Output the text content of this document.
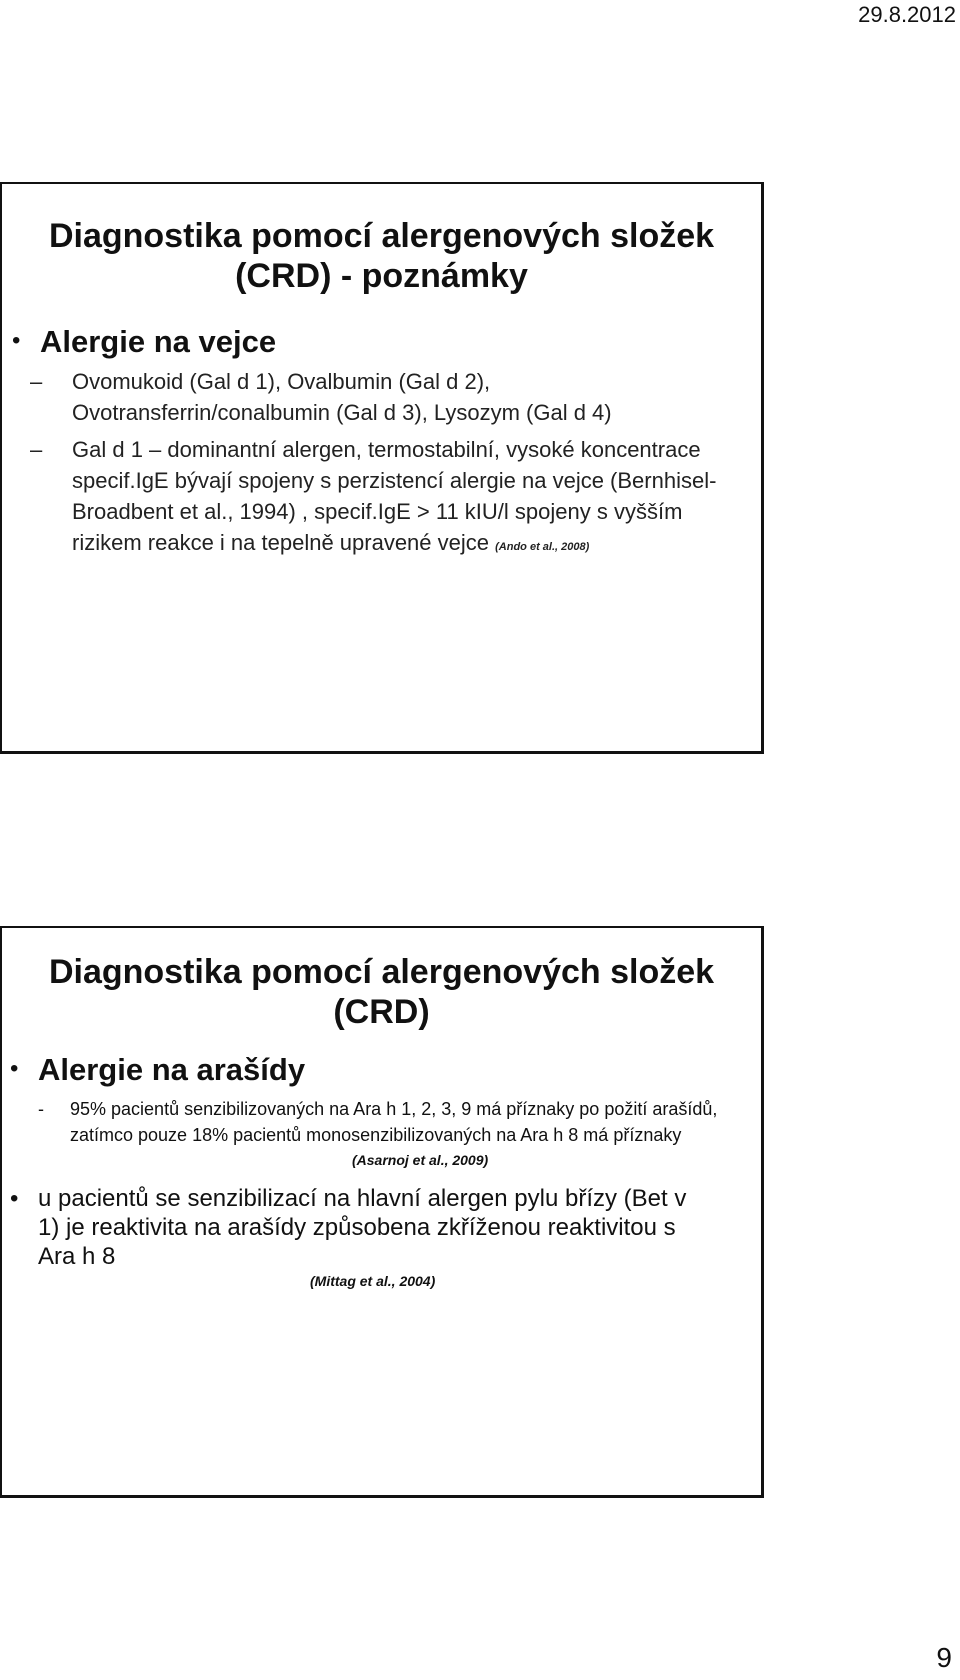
29.8.2012
Diagnostika pomocí alergenových složek
(CRD) - poznámky
• Alergie na vejce
–	Ovomukoid (Gal d 1), Ovalbumin (Gal d 2), Ovotransferrin/conalbumin (Gal d 3), Lysozym (Gal d 4)
–	Gal d 1 – dominantní alergen, termostabilní, vysoké koncentrace specif.IgE bývají spojeny s perzistencí alergie na vejce (Bernhisel-Broadbent et al., 1994) , specif.IgE > 11 kIU/l spojeny s vyšším rizikem reakce i na tepelně upravené vejce (Ando et al., 2008)
Diagnostika pomocí alergenových složek
(CRD)
• Alergie na arašídy
-	95% pacientů senzibilizovaných na Ara h 1, 2, 3, 9 má příznaky po požití arašídů, zatímco pouze 18% pacientů monosenzibilizovaných na Ara h 8 má příznaky
(Asarnoj et al., 2009)
• u pacientů se senzibilizací na hlavní alergen pylu břízy (Bet v 1) je reaktivita na arašídy způsobena zkříženou reaktivitou s Ara h 8
(Mittag et al., 2004)
9
